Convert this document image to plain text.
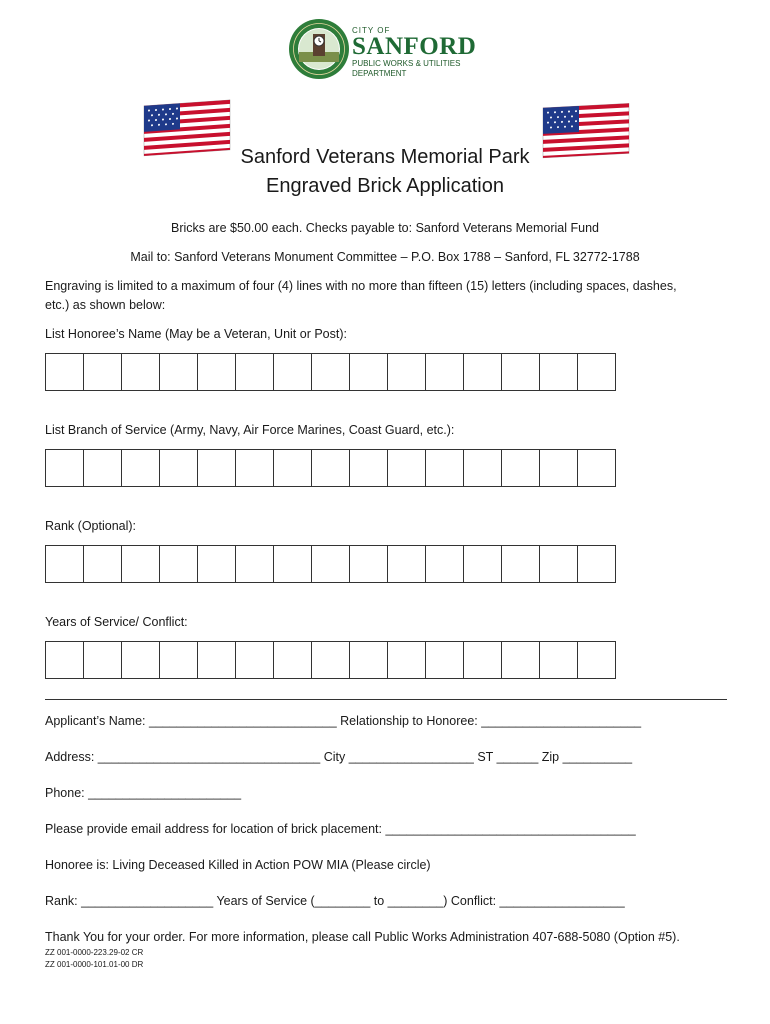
CITY OF
SANFORD
PUBLIC WORKS & UTILITIES
DEPARTMENT
Sanford Veterans Memorial Park
Engraved Brick Application
Bricks are $50.00 each. Checks payable to: Sanford Veterans Memorial Fund
Mail to: Sanford Veterans Monument Committee – P.O. Box 1788 – Sanford, FL 32772-1788
Engraving is limited to a maximum of four (4) lines with no more than fifteen (15) letters (including spaces, dashes,
etc.) as shown below:
List Honoree’s Name (May be a Veteran, Unit or Post):
List Branch of Service (Army, Navy, Air Force Marines, Coast Guard, etc.):
Rank (Optional):
Years of Service/ Conflict:
Applicant’s Name: ___________________________ Relationship to Honoree: _______________________
Address: ________________________________ City __________________ ST ______ Zip __________
Phone: ______________________
Please provide email address for location of brick placement: ____________________________________
Honoree is: Living Deceased Killed in Action POW MIA (Please circle)
Rank: ___________________ Years of Service (________ to ________) Conflict: __________________
Thank You for your order. For more information, please call Public Works Administration 407-688-5080 (Option #5).
ZZ 001-0000-223.29-02 CR
ZZ 001-0000-101.01-00 DR
